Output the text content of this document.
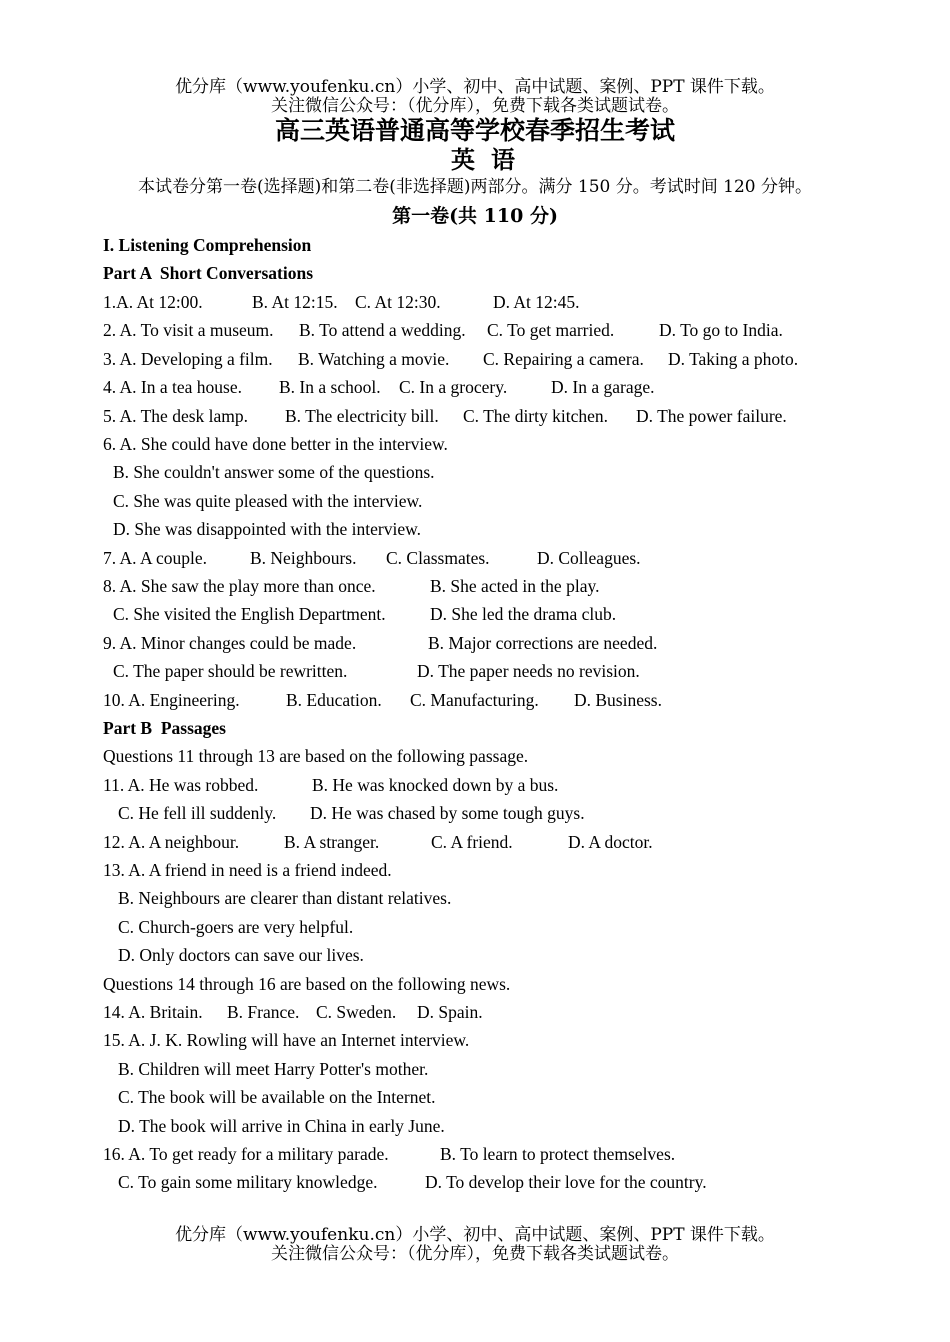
优分库（www.youfenku.cn）小学、初中、高中试题、案例、PPT 课件下载。
关注微信公众号：（优分库），免费下载各类试题试卷。
高三英语普通高等学校春季招生考试
英语
本试卷分第一卷(选择题)和第二卷(非选择题)两部分。满分 150 分。考试时间 120 分钟。
第一卷(共 110 分)
I. Listening Comprehension
Part A  Short Conversations

1.A. At 12:00.

	B. At 12:15.

C. At 12:30.

	D. At 12:45.

2. A. To visit a museum.

B. To attend a wedding.

C. To get married.

	D. To go to India.

3. A. Developing a film.

B. Watching a movie.

C. Repairing a camera.

D. Taking a photo.

4. A. In a tea house.

B. In a school.

C. In a grocery.

	D. In a garage.

5. A. The desk lamp.

B. The electricity bill.

C. The dirty kitchen.

D. The power failure.

6. A. She could have done better in the interview.
B. She couldn't answer some of the questions.
C. She was quite pleased with the interview.
D. She was disappointed with the interview.

7. A. A couple.

B. Neighbours.

C. Classmates.

	D. Colleagues.

8. A. She saw the play more than once.

	B. She acted in the play.

C. She visited the English Department.

	D. She led the drama club.

9. A. Minor changes could be made.

	B. Major corrections are needed.

C. The paper should be rewritten.

	D. The paper needs no revision.

10. A. Engineering.

	B. Education.

C. Manufacturing.

D. Business.

Part B  Passages
Questions 11 through 13 are based on the following passage.

11. A. He was robbed.

	B. He was knocked down by a bus.

C. He fell ill suddenly.

D. He was chased by some tough guys.

12. A. A neighbour.

	B. A stranger.

	C. A friend.

	D. A doctor.

13. A. A friend in need is a friend indeed.
B. Neighbours are clearer than distant relatives.
C. Church-goers are very helpful.
D. Only doctors can save our lives.
Questions 14 through 16 are based on the following news.

14. A. Britain.

B. France.

C. Sweden.

D. Spain.

15. A. J. K. Rowling will have an Internet interview.
B. Children will meet Harry Potter's mother.
C. The book will be available on the Internet.
D. The book will arrive in China in early June.

16. A. To get ready for a military parade.

	B. To learn to protect themselves.

C. To gain some military knowledge.

	D. To develop their love for the country.

优分库（www.youfenku.cn）小学、初中、高中试题、案例、PPT 课件下载。
关注微信公众号：（优分库），免费下载各类试题试卷。
